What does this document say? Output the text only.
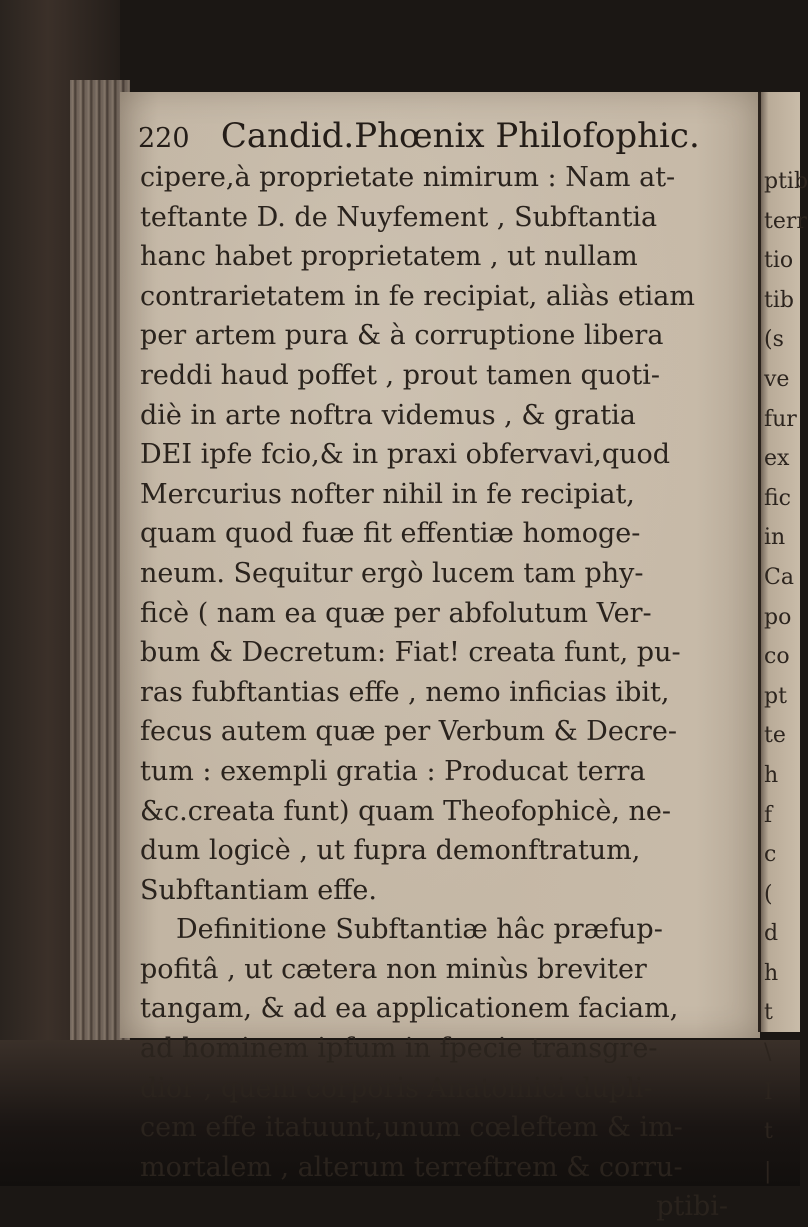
220 Candid.Phœnix Philofophic.
cipere,à proprietate nimirum : Nam at-
teftante D. de Nuyfement , Subftantia
hanc habet proprietatem , ut nullam
contrarietatem in fe recipiat, aliàs etiam
per artem pura & à corruptione libera
reddi haud poffet , prout tamen quoti-
diè in arte noftra videmus , & gratia
DEI ipfe fcio,& in praxi obfervavi,quod
Mercurius nofter nihil in fe recipiat,
quam quod fuæ fit effentiæ homoge-
neum. Sequitur ergò lucem tam phy-
ficè ( nam ea quæ per abfolutum Ver-
bum & Decretum: Fiat! creata funt, pu-
ras fubftantias effe , nemo inficias ibit,
fecus autem quæ per Verbum & Decre-
tum : exempli gratia : Producat terra
&c.creata funt) quam Theofophicè, ne-
dum logicè , ut fupra demonftratum,
Subftantiam effe.
Definitione Subftantiæ hâc præfup-
pofitâ , ut cætera non minùs breviter
tangam, & ad ea applicationem faciam,
ad hominem ipfum in fpecie transgre-
dior , quem corporis Anatomici dupli-
cem effe itatuunt,unum cœleftem & im-
mortalem , alterum terreftrem & corru-
ptibi-
ptib
terr
tio
tib
(s
ve
fur
ex
fic
in
Ca
po
co
pt
te
h
f
c
(
d
h
t
\
I
t
|
